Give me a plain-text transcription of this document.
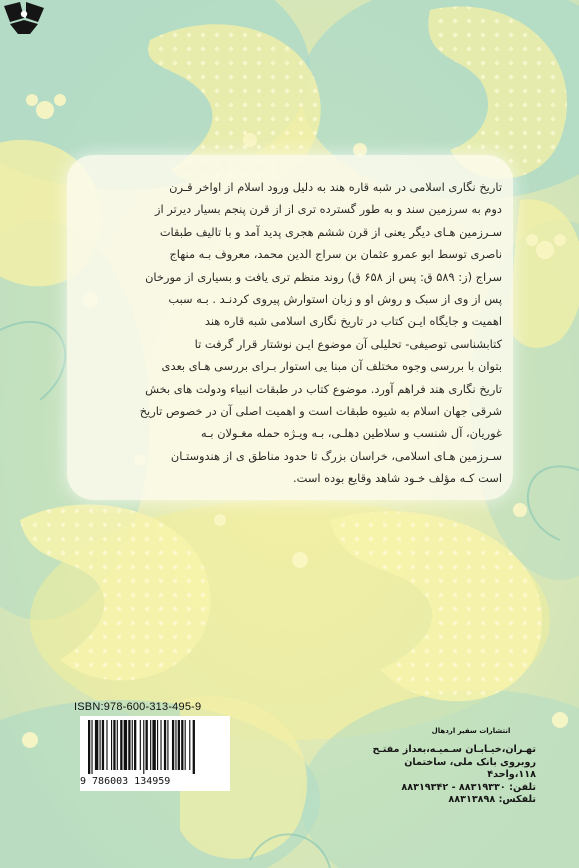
تاریخ نگاری اسلامی در شبه قاره هند به دلیل ورود اسلام از اواخر قـرن
دوم به سرزمین سند و به طور گسترده تری از از قرن پنجم بسیار دیرتر از
سـرزمین هـای دیگر یعنی از قرن ششم هجری پدید آمد و با تالیف طبقات
ناصری توسط ابو عمرو عثمان بن سراج الدین محمد، معروف بـه منهاج
سراج (ز: ۵۸۹ ق: پس از ۶۵۸ ق) روند منظم تری یافت و بسیاری از مورخان
پس از وی از سبک و روش او و زبان استوارش پیروی کردنـد . بـه سبب
اهمیت و جایگاه ایـن کتاب در تاریخ نگاری اسلامی شبه قاره هند
کتابشناسی توصیفی- تحلیلی آن موضوع ایـن نوشتار قرار گرفت تا
بتوان با بررسی وجوه مختلف آن مبنا یی استوار بـرای بررسی هـای بعدی
تاریخ نگاری هند فراهم آورد. موضوع کتاب در طبقات انبیاء ودولت های بخش
شرقی جهان اسلام به شیوه طبقات است و اهمیت اصلی آن در خصوص تاریخ
غوریان، آل شنسب و سلاطین دهلـی، بـه ویـژه حمله مغـولان بـه
سـرزمین هـای اسلامی، خراسان بزرگ تا حدود مناطق ی از هندوستـان
است کـه مؤلف خـود شاهد وقایع بوده است.
ISBN:978-600-313-495-9
9 786003 134959
انتشارات سفیر اردهال
تهـران،خیـابـان سـمیـه،بعداز مفتـح
روبروی بانک ملی، ساختمان ۱۱۸،واحد۴
تلفن: ۸۸۳۱۹۳۳۰ - ۸۸۳۱۹۳۴۲
تلفکس: ۸۸۳۱۳۸۹۸
